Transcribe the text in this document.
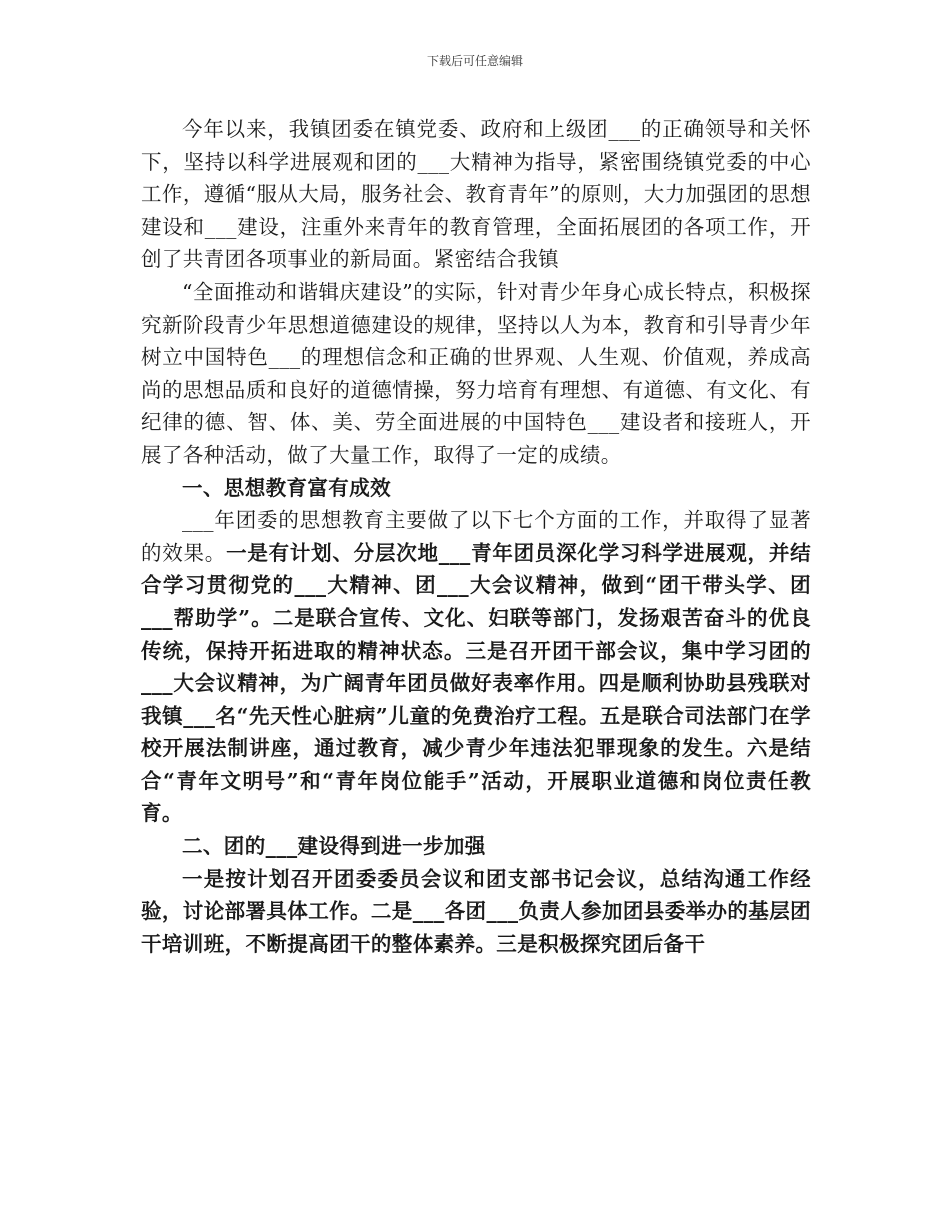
下载后可任意编辑

今年以来，我镇团委在镇党委、政府和上级团___的正确领导和关怀下，坚持以科学进展观和团的___大精神为指导，紧密围绕镇党委的中心工作，遵循“服从大局，服务社会、教育青年”的原则，大力加强团的思想建设和___建设，注重外来青年的教育管理，全面拓展团的各项工作，开创了共青团各项事业的新局面。紧密结合我镇

“全面推动和谐辑庆建设”的实际，针对青少年身心成长特点，积极探究新阶段青少年思想道德建设的规律，坚持以人为本，教育和引导青少年树立中国特色___的理想信念和正确的世界观、人生观、价值观，养成高尚的思想品质和良好的道德情操，努力培育有理想、有道德、有文化、有纪律的德、智、体、美、劳全面进展的中国特色___建设者和接班人，开展了各种活动，做了大量工作，取得了一定的成绩。

一、思想教育富有成效

___年团委的思想教育主要做了以下七个方面的工作，并取得了显著的效果。一是有计划、分层次地___青年团员深化学习科学进展观，并结合学习贯彻党的___大精神、团___大会议精神，做到“团干带头学、团___帮助学”。二是联合宣传、文化、妇联等部门，发扬艰苦奋斗的优良传统，保持开拓进取的精神状态。三是召开团干部会议，集中学习团的___大会议精神，为广阔青年团员做好表率作用。四是顺利协助县残联对我镇___名“先天性心脏病”儿童的免费治疗工程。五是联合司法部门在学校开展法制讲座，通过教育，减少青少年违法犯罪现象的发生。六是结合“青年文明号”和“青年岗位能手”活动，开展职业道德和岗位责任教育。

二、团的___建设得到进一步加强

一是按计划召开团委委员会议和团支部书记会议，总结沟通工作经验，讨论部署具体工作。二是___各团___负责人参加团县委举办的基层团干培训班，不断提高团干的整体素养。三是积极探究团后备干
